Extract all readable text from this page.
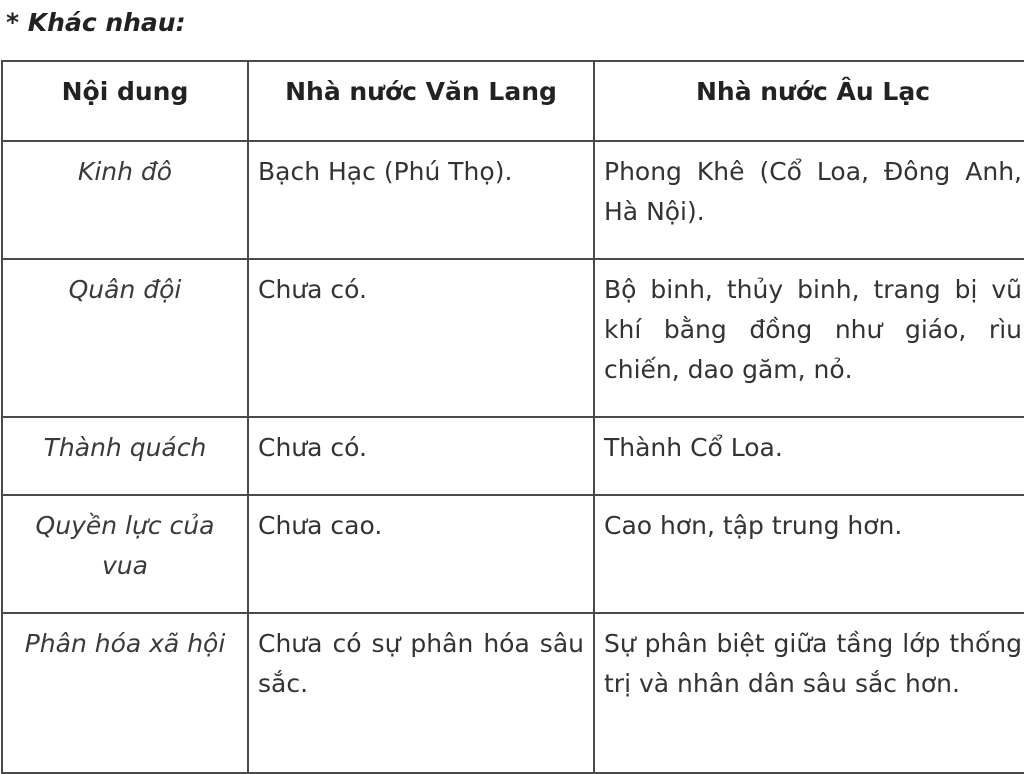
* Khác nhau:
Nội dung	Nhà nước Văn Lang	Nhà nước Âu Lạc
Kinh đô	Bạch Hạc (Phú Thọ).	Phong Khê (Cổ Loa, Đông Anh, Hà Nội).
Quân đội	Chưa có.	Bộ binh, thủy binh, trang bị vũ khí bằng đồng như giáo, rìu chiến, dao găm, nỏ.
Thành quách	Chưa có.	Thành Cổ Loa.
Quyền lực của vua	Chưa cao.	Cao hơn, tập trung hơn.
Phân hóa xã hội	Chưa có sự phân hóa sâu sắc.	Sự phân biệt giữa tầng lớp thống trị và nhân dân sâu sắc hơn.
